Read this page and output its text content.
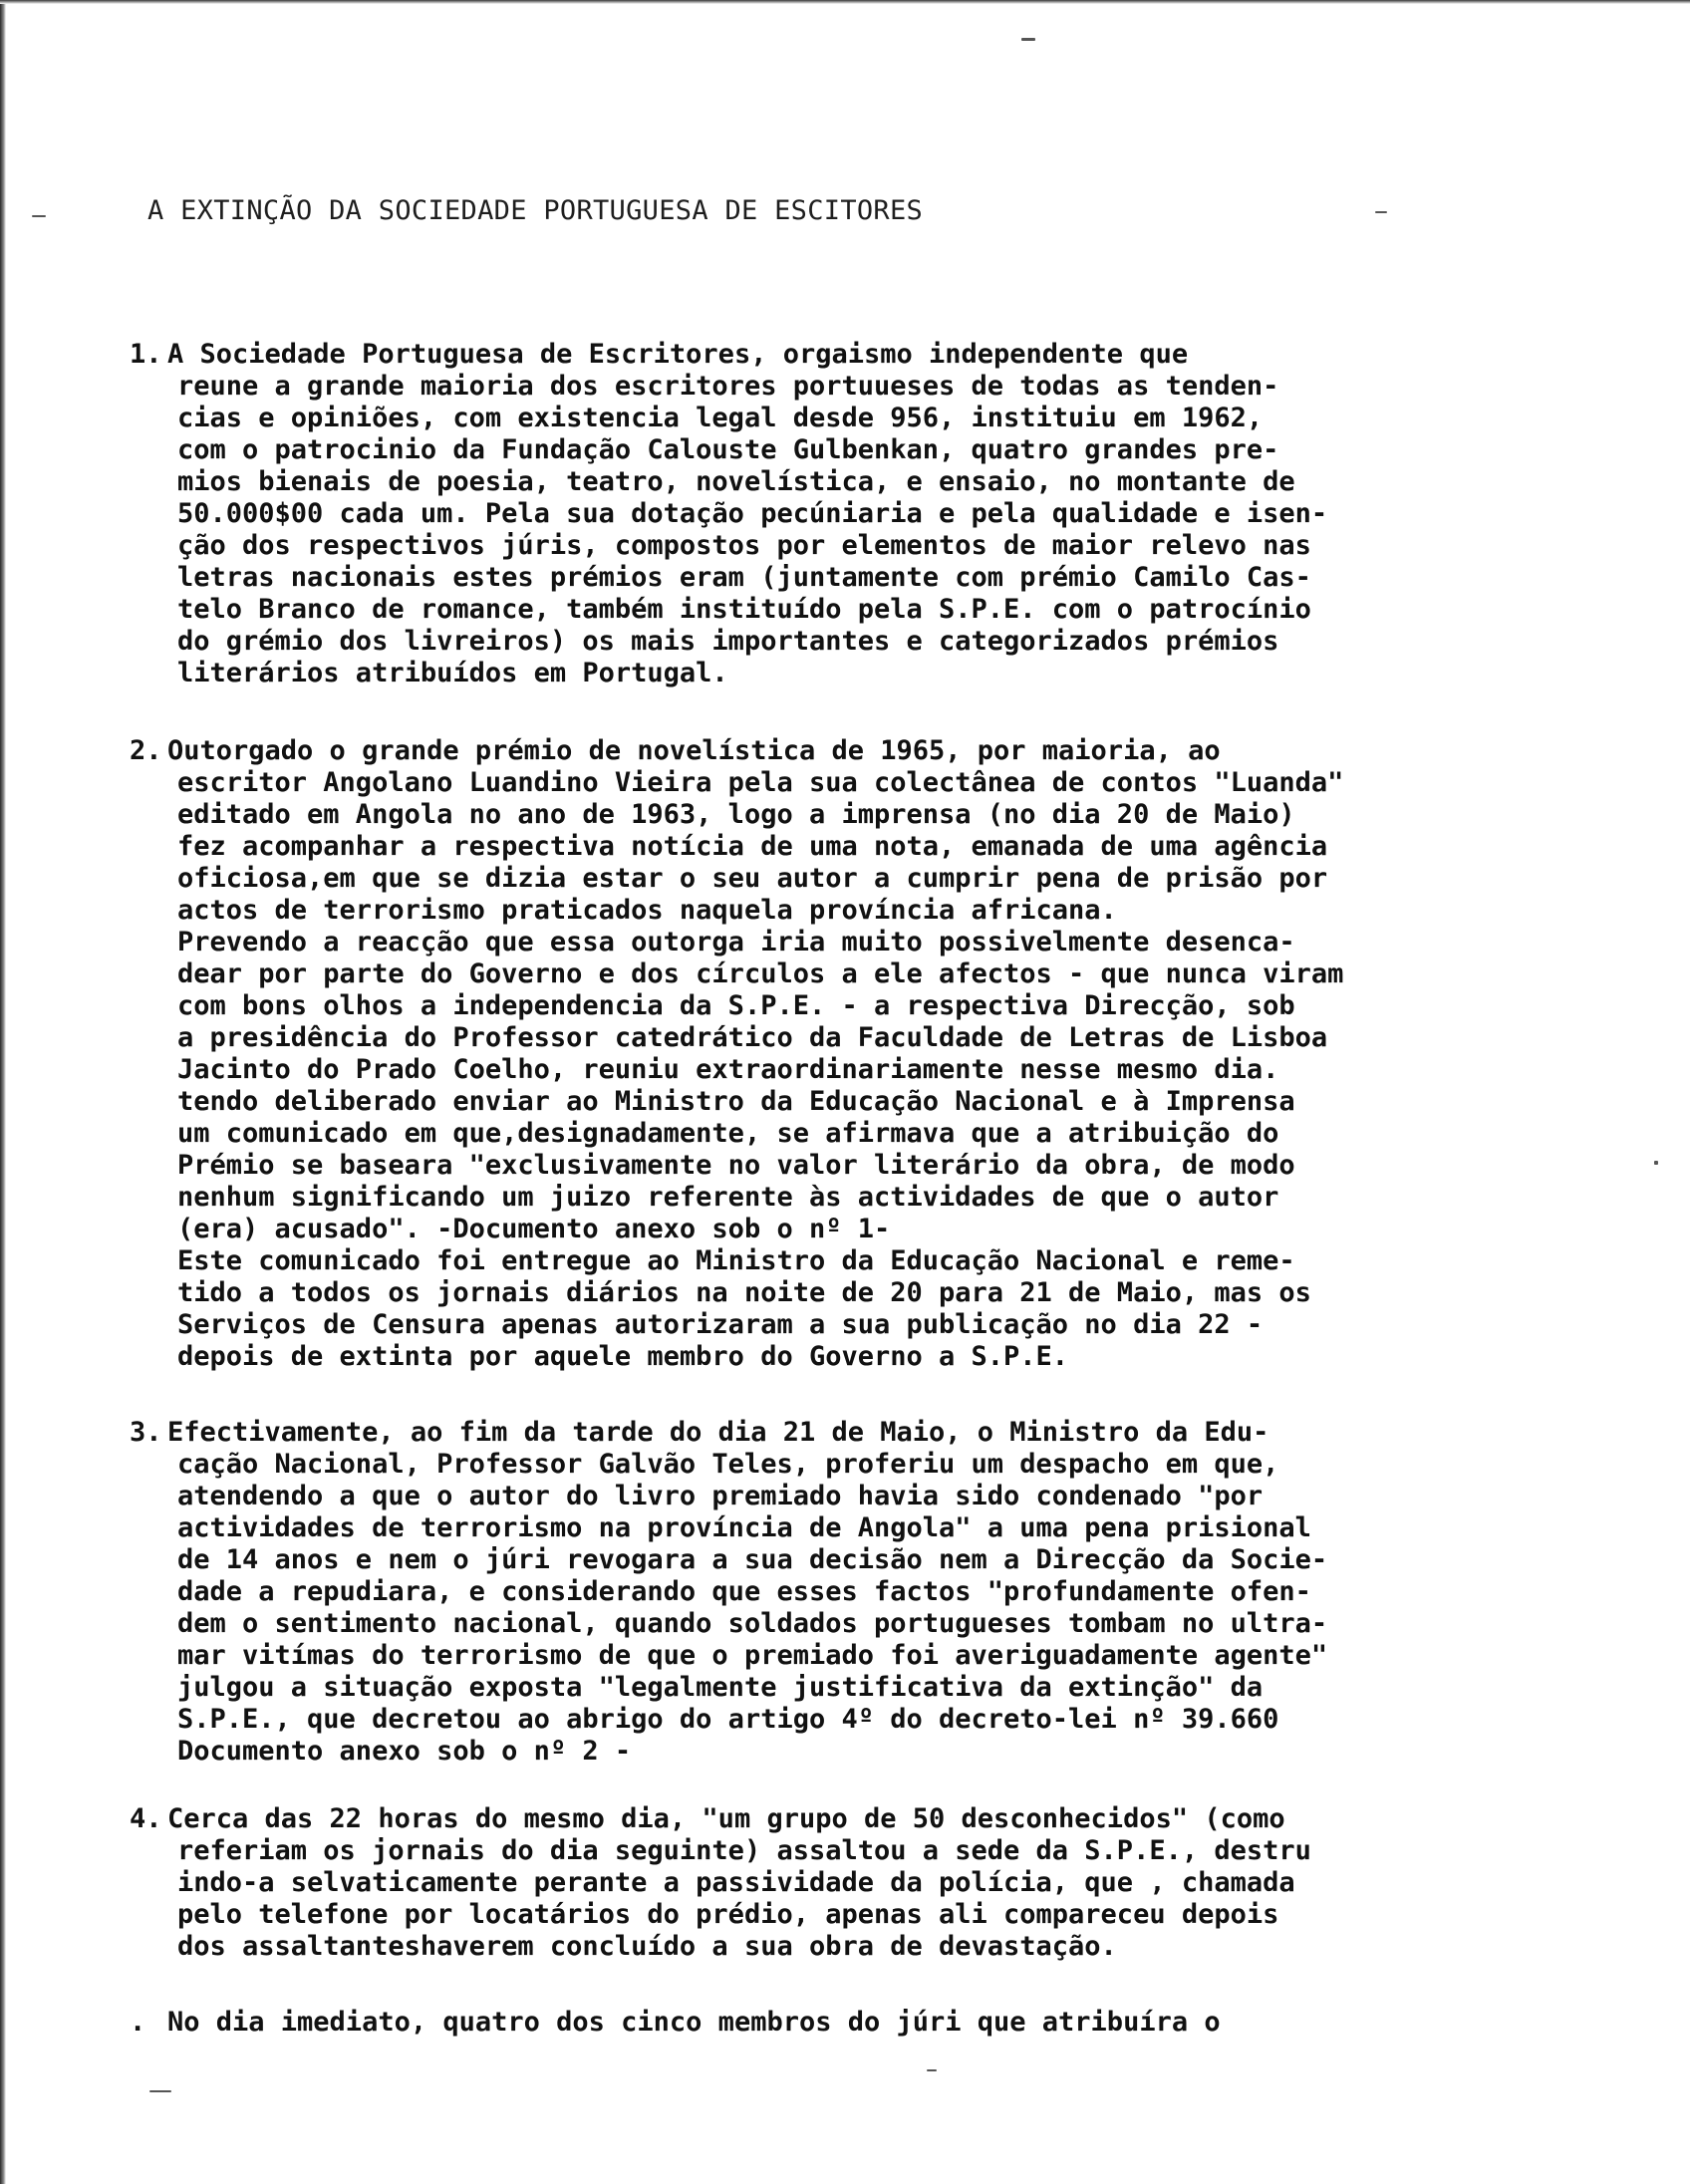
A EXTINÇÃO DA SOCIEDADE PORTUGUESA DE ESCITORES
1. A Sociedade Portuguesa de Escritores, orgaismo independente que
reune a grande maioria dos escritores portuueses de todas as tenden-
cias e opiniões, com existencia legal desde 956, instituiu em 1962,
com o patrocinio da Fundação Calouste Gulbenkan, quatro grandes pre-
mios bienais de poesia, teatro, novelística, e ensaio, no montante de
50.000$00 cada um. Pela sua dotação pecúniaria e pela qualidade e isen-
ção dos respectivos júris, compostos por elementos de maior relevo nas
letras nacionais estes prémios eram (juntamente com prémio Camilo Cas-
telo Branco de romance, também instituído pela S.P.E. com o patrocínio
do grémio dos livreiros) os mais importantes e categorizados prémios
literários atribuídos em Portugal.
2. Outorgado o grande prémio de novelística de 1965, por maioria, ao
escritor Angolano Luandino Vieira pela sua colectânea de contos "Luanda"
editado em Angola no ano de 1963, logo a imprensa (no dia 20 de Maio)
fez acompanhar a respectiva notícia de uma nota, emanada de uma agência
oficiosa,em que se dizia estar o seu autor a cumprir pena de prisão por
actos de terrorismo praticados naquela província africana.
Prevendo a reacção que essa outorga iria muito possivelmente desenca-
dear por parte do Governo e dos círculos a ele afectos - que nunca viram
com bons olhos a independencia da S.P.E. - a respectiva Direcção, sob
a presidência do Professor catedrático da Faculdade de Letras de Lisboa
Jacinto do Prado Coelho, reuniu extraordinariamente nesse mesmo dia.
tendo deliberado enviar ao Ministro da Educação Nacional e à Imprensa
um comunicado em que,designadamente, se afirmava que a atribuição do
Prémio se baseara "exclusivamente no valor literário da obra, de modo
nenhum significando um juizo referente às actividades de que o autor
(era) acusado". -Documento anexo sob o nº 1-
Este comunicado foi entregue ao Ministro da Educação Nacional e reme-
tido a todos os jornais diários na noite de 20 para 21 de Maio, mas os
Serviços de Censura apenas autorizaram a sua publicação no dia 22 -
depois de extinta por aquele membro do Governo a S.P.E.
3. Efectivamente, ao fim da tarde do dia 21 de Maio, o Ministro da Edu-
cação Nacional, Professor Galvão Teles, proferiu um despacho em que,
atendendo a que o autor do livro premiado havia sido condenado "por
actividades de terrorismo na província de Angola" a uma pena prisional
de 14 anos e nem o júri revogara a sua decisão nem a Direcção da Socie-
dade a repudiara, e considerando que esses factos "profundamente ofen-
dem o sentimento nacional, quando soldados portugueses tombam no ultra-
mar vitímas do terrorismo de que o premiado foi averiguadamente agente"
julgou a situação exposta "legalmente justificativa da extinção" da
S.P.E., que decretou ao abrigo do artigo 4º do decreto-lei nº 39.660
Documento anexo sob o nº 2 -
4. Cerca das 22 horas do mesmo dia, "um grupo de 50 desconhecidos" (como
referiam os jornais do dia seguinte) assaltou a sede da S.P.E., destru
indo-a selvaticamente perante a passividade da polícia, que , chamada
pelo telefone por locatários do prédio, apenas ali compareceu depois
dos assaltanteshaverem concluído a sua obra de devastação.
. No dia imediato, quatro dos cinco membros do júri que atribuíra o
